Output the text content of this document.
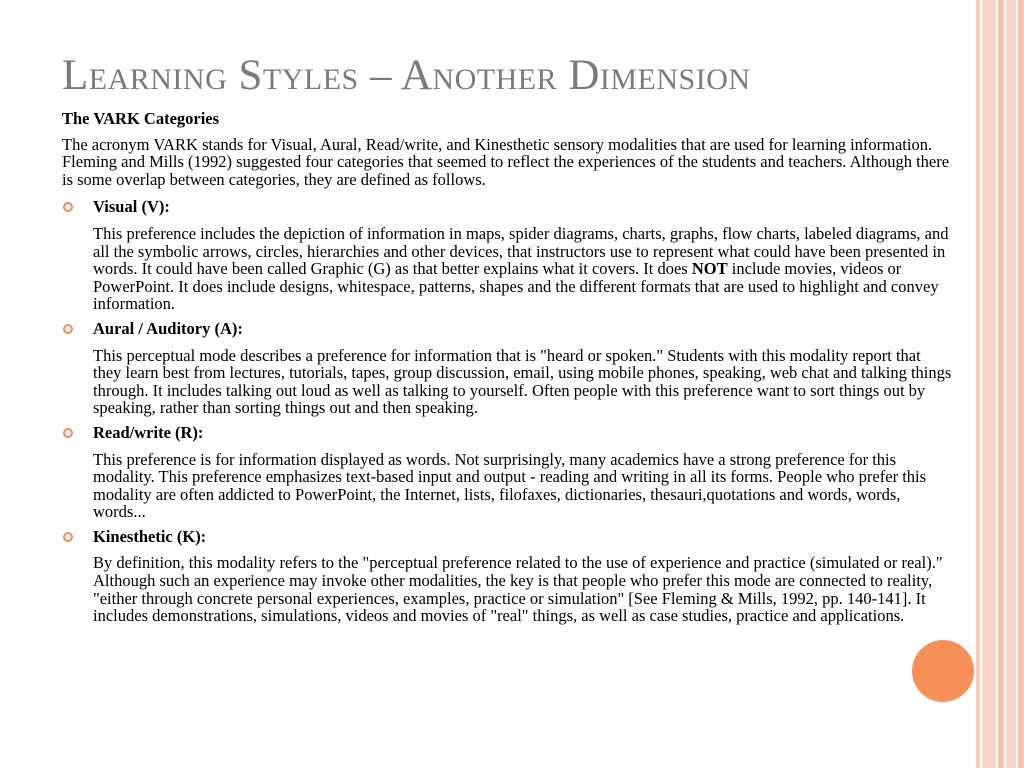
Learning Styles – Another Dimension

The VARK Categories

The acronym VARK stands for Visual, Aural, Read/write, and Kinesthetic sensory modalities that are used for learning information. Fleming and Mills (1992) suggested four categories that seemed to reflect the experiences of the students and teachers. Although there is some overlap between categories, they are defined as follows.

Visual (V):

This preference includes the depiction of information in maps, spider diagrams, charts, graphs, flow charts, labeled diagrams, and all the symbolic arrows, circles, hierarchies and other devices, that instructors use to represent what could have been presented in words. It could have been called Graphic (G) as that better explains what it covers. It does NOT include movies, videos or PowerPoint. It does include designs, whitespace, patterns, shapes and the different formats that are used to highlight and convey information.

Aural / Auditory (A):

This perceptual mode describes a preference for information that is "heard or spoken." Students with this modality report that they learn best from lectures, tutorials, tapes, group discussion, email, using mobile phones, speaking, web chat and talking things through. It includes talking out loud as well as talking to yourself. Often people with this preference want to sort things out by speaking, rather than sorting things out and then speaking.

Read/write (R):

This preference is for information displayed as words. Not surprisingly, many academics have a strong preference for this modality. This preference emphasizes text-based input and output - reading and writing in all its forms. People who prefer this modality are often addicted to PowerPoint, the Internet, lists, filofaxes, dictionaries, thesauri,quotations and words, words, words...

Kinesthetic (K):

By definition, this modality refers to the "perceptual preference related to the use of experience and practice (simulated or real)." Although such an experience may invoke other modalities, the key is that people who prefer this mode are connected to reality, "either through concrete personal experiences, examples, practice or simulation" [See Fleming & Mills, 1992, pp. 140-141]. It includes demonstrations, simulations, videos and movies of "real" things, as well as case studies, practice and applications.
